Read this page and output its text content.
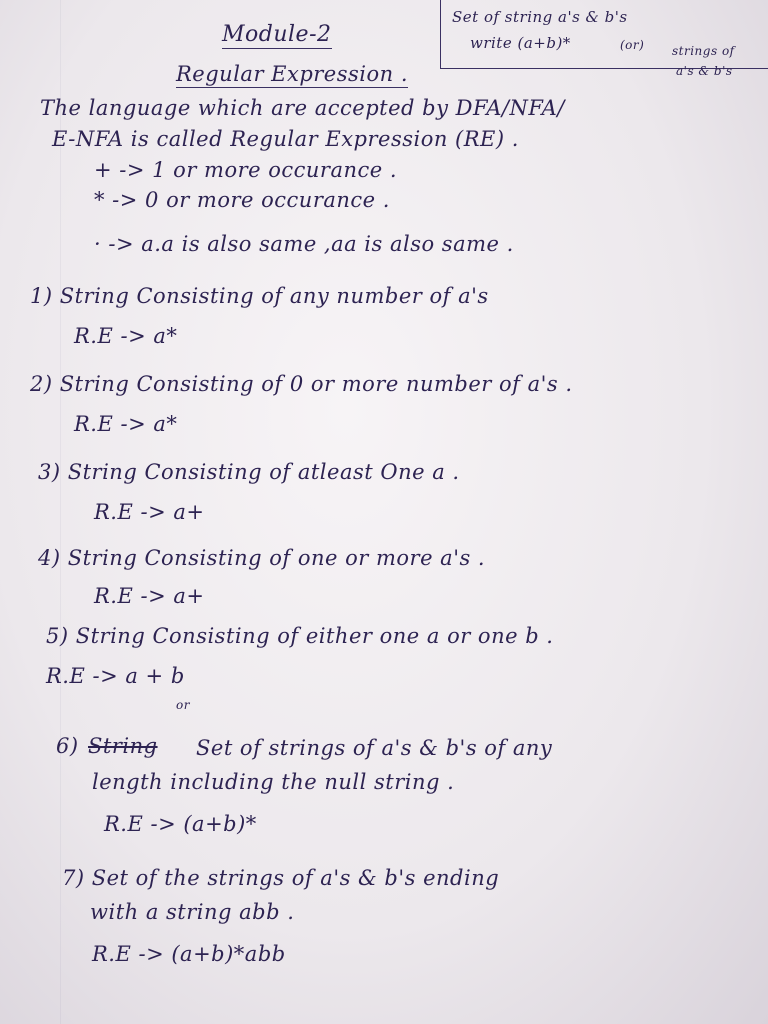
Set of string a's & b's
write (a+b)*	(or) strings of
a's & b's
Module-2
Regular Expression .
The language which are accepted by DFA/NFA/
E-NFA is called Regular Expression (RE) .
+ -> 1 or more occurance .
* -> 0 or more occurance .
· -> a.a is also same ,aa is also same .
1) String Consisting of any number of a's
R.E -> a*
2) String Consisting of 0 or more number of a's .
R.E -> a*
3) String Consisting of atleast One a .
R.E -> a+
4) String Consisting of one or more a's .
R.E -> a+
5) String Consisting of either one a or one b .
R.E -> a + b
or
6) String Set of strings of a's & b's of any
length including the null string .
R.E -> (a+b)*
7) Set of the strings of a's & b's ending
with a string abb .
R.E -> (a+b)*abb
